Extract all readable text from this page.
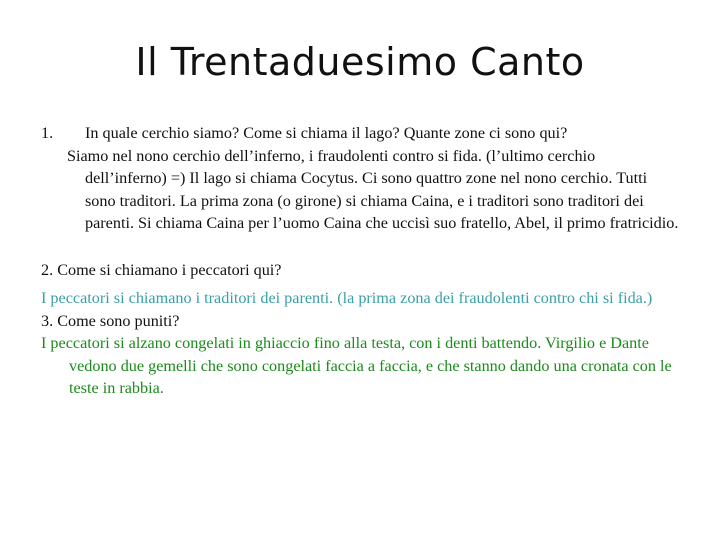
Il Trentaduesimo Canto

1. In quale cerchio siamo? Come si chiama il lago? Quante zone ci sono qui?

Siamo nel nono cerchio dell’inferno, i fraudolenti contro si fida. (l’ultimo cerchio dell’inferno) =) Il lago si chiama Cocytus. Ci sono quattro zone nel nono cerchio. Tutti sono traditori. La prima zona (o girone) si chiama Caina, e i traditori sono traditori dei parenti. Si chiama Caina per l’uomo Caina che uccisì suo fratello, Abel, il primo fratricidio.

2. Come si chiamano i peccatori qui?

I peccatori si chiamano i traditori dei parenti. (la prima zona dei fraudolenti contro chi si fida.)

3. Come sono puniti?

I peccatori si alzano congelati in ghiaccio fino alla testa, con i denti battendo. Virgilio e Dante vedono due gemelli che sono congelati faccia a faccia, e che stanno dando una cronata con le teste in rabbia.
